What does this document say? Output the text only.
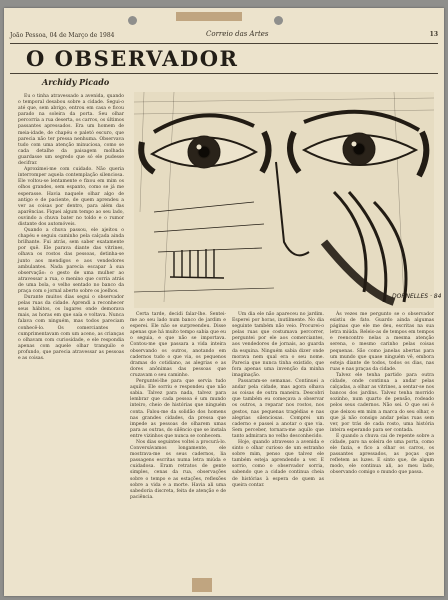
João Pessoa, 04 de Março de 1984	Correio das Artes	13
O OBSERVADOR
Archidy Picado
DORNELLES · 84

Eu o tinha atravessado a avenida, quando o temporal desabou sobre a cidade. Segui-o até que, sem abrigo, entrou em casa e ficou parado na soleira da porta. Seu olhar percorria a rua deserta, os carros, os últimos passantes apressados. Era um homem de meia-idade, de chapéu e paletó escuro, que parecia não ter pressa nenhuma. Observava tudo com uma atenção minuciosa, como se cada detalhe da paisagem molhada guardasse um segredo que só ele pudesse decifrar.

Aproximei-me com cuidado. Não queria interromper aquela contemplação silenciosa. Ele voltou-se lentamente e fixou em mim os olhos grandes, sem espanto, como se já me esperasse. Havia naquele olhar algo de antigo e de paciente, de quem aprendeu a ver as coisas por dentro, para além das aparências. Fiquei algum tempo ao seu lado, ouvindo a chuva bater no toldo e o rumor distante dos automóveis.

Quando a chuva passou, ele ajeitou o chapéu e seguiu caminho pela calçada ainda brilhante. Fui atrás, sem saber exatamente por quê. Ele parava diante das vitrines, olhava os rostos das pessoas, detinha-se junto aos mendigos e aos vendedores ambulantes. Nada parecia escapar à sua observação: o gesto de uma mulher ao atravessar a rua, o menino que corria atrás de uma bola, o velho sentado no banco da praça com o jornal aberto sobre os joelhos.

Durante muitos dias segui o observador pelas ruas da cidade. Aprendi a reconhecer seus hábitos, os lugares onde demorava mais, as horas em que saía e voltava. Nunca falava com ninguém, mas todos pareciam conhecê-lo. Os comerciantes o cumprimentavam com um aceno, as crianças o olhavam com curiosidade, e ele respondia apenas com aquele olhar tranquilo e profundo, que parecia atravessar as pessoas e as coisas.

Certa tarde, decidi falar-lhe. Sentei-me ao seu lado num banco de jardim e esperei. Ele não se surpreendeu. Disse apenas que há muito tempo sabia que eu o seguia, e que não se importava. Contou-me que passara a vida inteira observando os outros, anotando em cadernos tudo o que via, os pequenos dramas do cotidiano, as alegrias e as dores anônimas das pessoas que cruzavam o seu caminho.

Perguntei-lhe para que servia tudo aquilo. Ele sorriu e respondeu que não sabia. Talvez para nada, talvez para lembrar que cada pessoa é um mundo inteiro, cheio de histórias que ninguém conta. Falou-me da solidão dos homens nas grandes cidades, da pressa que impede as pessoas de olharem umas para as outras, do silêncio que se instala entre vizinhos que nunca se conhecem.

Nos dias seguintes voltei a procurá-lo. Conversávamos longamente, ele mostrava-me os seus cadernos, lia passagens escritas numa letra miúda e cuidadosa. Eram retratos de gente simples, cenas da rua, observações sobre o tempo e as estações, reflexões sobre a vida e a morte. Havia ali uma sabedoria discreta, feita de atenção e de paciência.

Um dia ele não apareceu no jardim. Esperei por horas, inutilmente. No dia seguinte também não veio. Procurei-o pelas ruas que costumava percorrer, perguntei por ele aos comerciantes, aos vendedores de jornais, ao guarda da esquina. Ninguém sabia dizer onde morava nem qual era o seu nome. Parecia que nunca tinha existido, que fora apenas uma invenção da minha imaginação.

Passaram-se semanas. Continuei a andar pela cidade, mas agora olhava as coisas de outra maneira. Descobri que também eu começava a observar os outros, a reparar nos rostos, nos gestos, nas pequenas tragédias e nas alegrias silenciosas. Comprei um caderno e passei a anotar o que via. Sem perceber, tornara-me aquilo que tanto admirara no velho desconhecido.

Hoje, quando atravesso a avenida e sinto o olhar curioso de um estranho sobre mim, penso que talvez ele também esteja aprendendo a ver. E sorrio, como o observador sorria, sabendo que a cidade continua cheia de histórias à espera de quem as queira contar.

Às vezes me pergunto se o observador existiu de fato. Guardo ainda algumas páginas que ele me deu, escritas na sua letra miúda. Releio-as de tempos em tempos e reencontro nelas a mesma atenção serena, o mesmo carinho pelas coisas pequenas. São como janelas abertas para um mundo que quase ninguém vê, embora esteja diante de todos, todos os dias, nas ruas e nas praças da cidade.

Talvez ele tenha partido para outra cidade, onde continua a andar pelas calçadas, a olhar as vitrines, a sentar-se nos bancos dos jardins. Talvez tenha morrido sozinho, num quarto de pensão, rodeado pelos seus cadernos. Não sei. O que sei é que deixou em mim a marca do seu olhar, e que já não consigo andar pelas ruas sem ver, por trás de cada rosto, uma história inteira esperando para ser contada.

E quando a chuva cai de repente sobre a cidade, paro na soleira de uma porta, como ele fazia, e fico a olhar os carros, os passantes apressados, as poças que refletem as luzes. E sinto que, de algum modo, ele continua ali, ao meu lado, observando comigo o mundo que passa.
